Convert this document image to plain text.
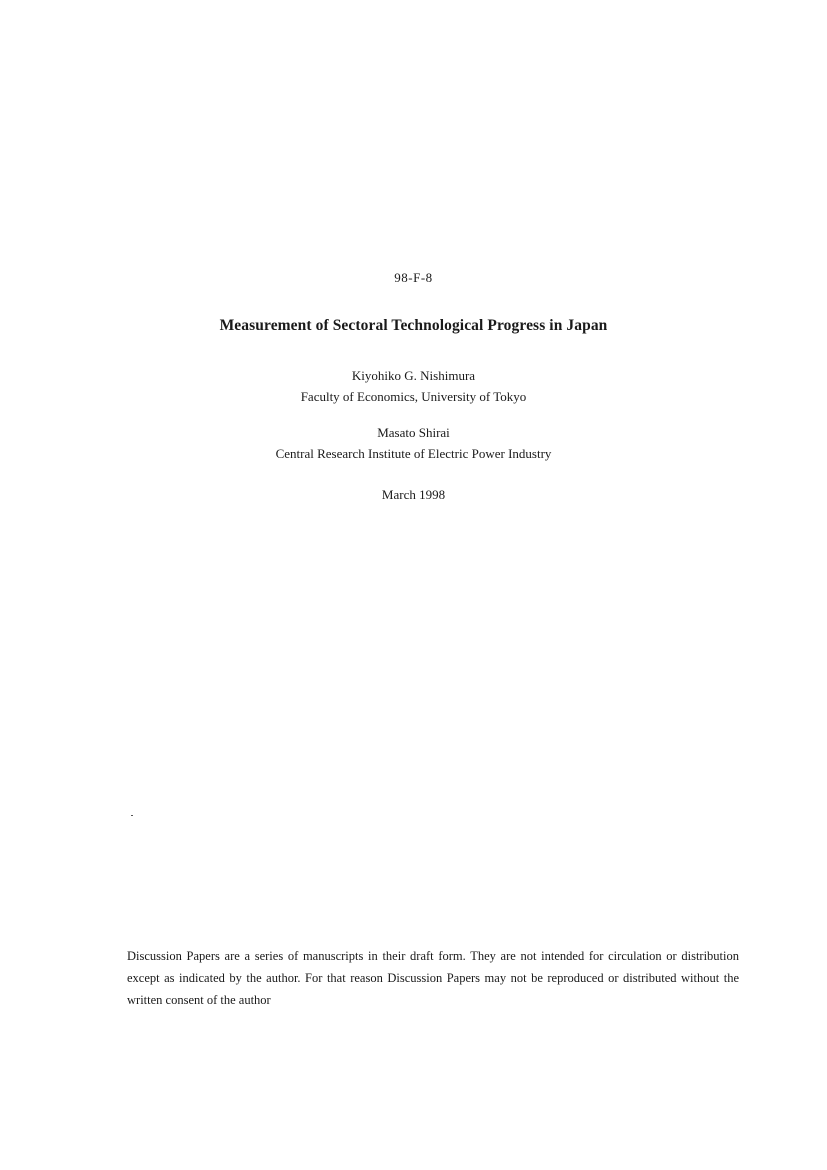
98-F-8
Measurement of Sectoral Technological Progress in Japan
Kiyohiko G. Nishimura
Faculty of Economics, University of Tokyo
Masato Shirai
Central Research Institute of Electric Power Industry
March 1998

Discussion Papers are a series of manuscripts in their draft form. They are not intended for circulation or distribution except as indicated by the author. For that reason Discussion Papers may not be reproduced or distributed without the written consent of the author
